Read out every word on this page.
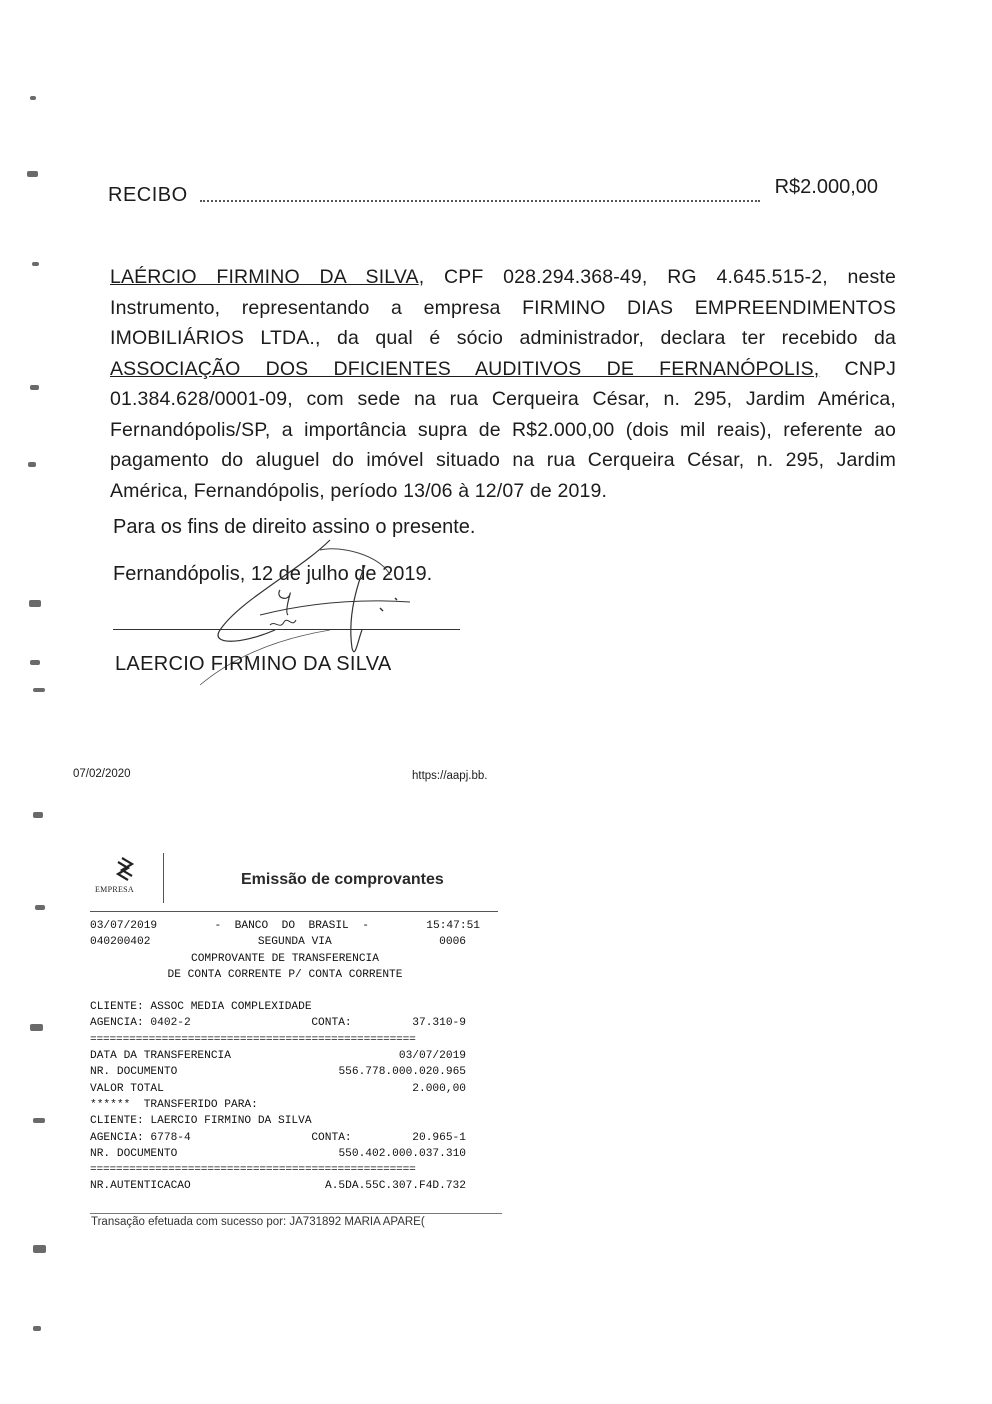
RECIBO	R$2.000,00
LAÉRCIO FIRMINO DA SILVA, CPF 028.294.368-49, RG 4.645.515-2, neste Instrumento, representando a empresa FIRMINO DIAS EMPREENDIMENTOS IMOBILIÁRIOS LTDA., da qual é sócio administrador, declara ter recebido da ASSOCIAÇÃO DOS DFICIENTES AUDITIVOS DE FERNANÓPOLIS, CNPJ 01.384.628/0001-09, com sede na rua Cerqueira César, n. 295, Jardim América, Fernandópolis/SP, a importância supra de R$2.000,00 (dois mil reais), referente ao pagamento do aluguel do imóvel situado na rua Cerqueira César, n. 295, Jardim América, Fernandópolis, período 13/06 à 12/07 de 2019.
Para os fins de direito assino o presente.
Fernandópolis, 12 de julho de 2019.
LAERCIO FIRMINO DA SILVA
07/02/2020	https://aapj.bb.
EMPRESA
Emissão de comprovantes
03/07/2019	-  BANCO  DO  BRASIL  -	15:47:51
040200402	SEGUNDA VIA	0006
COMPROVANTE DE TRANSFERENCIA
DE CONTA CORRENTE P/ CONTA CORRENTE
CLIENTE: ASSOC MEDIA COMPLEXIDADE
AGENCIA: 0402-2	CONTA:	37.310-9
==================================================
DATA DA TRANSFERENCIA	03/07/2019
NR. DOCUMENTO	556.778.000.020.965
VALOR TOTAL	2.000,00
******  TRANSFERIDO PARA:
CLIENTE: LAERCIO FIRMINO DA SILVA
AGENCIA: 6778-4	CONTA:	20.965-1
NR. DOCUMENTO	550.402.000.037.310
==================================================
NR.AUTENTICACAO	A.5DA.55C.307.F4D.732
Transação efetuada com sucesso por: JA731892 MARIA APARE(
